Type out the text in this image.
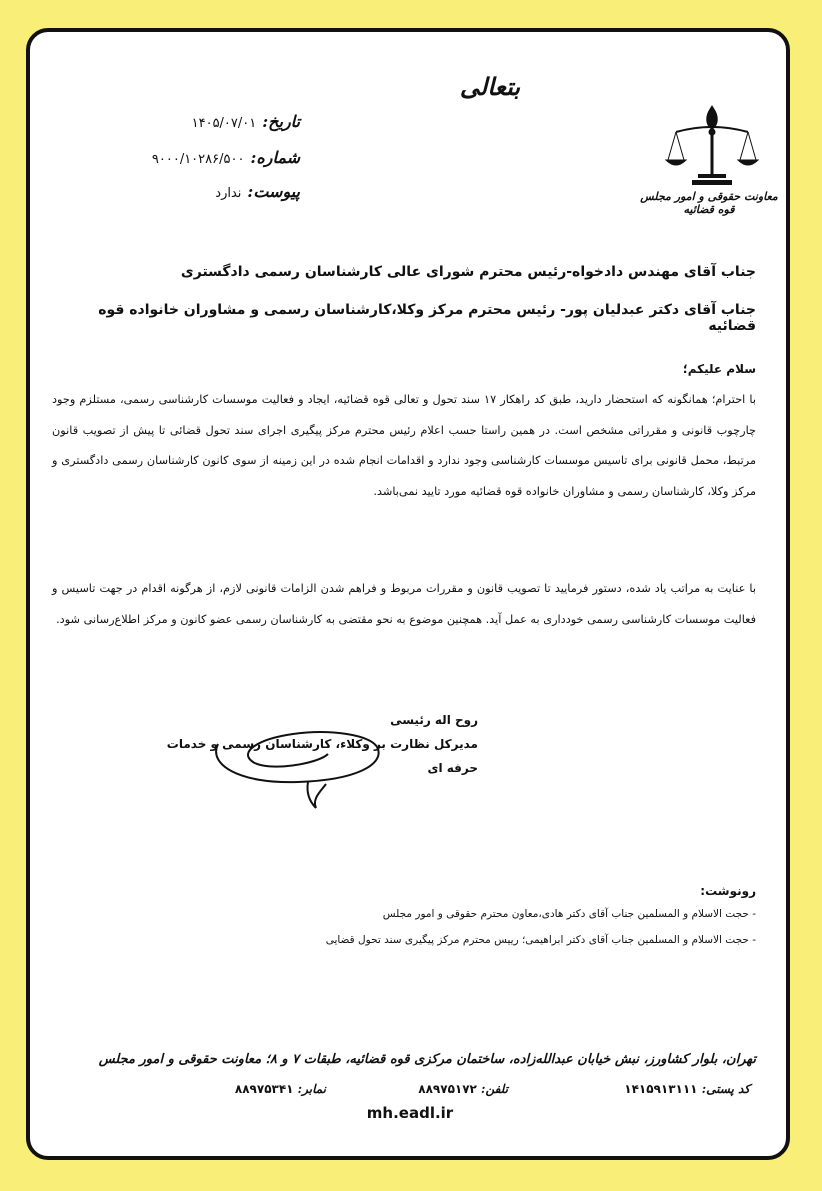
بتعالی
معاونت حقوقی و امور مجلس قوه قضائیه
تاریخ:
۱۴۰۵/۰۷/۰۱
شماره:
۹۰۰۰/۱۰۲۸۶/۵۰۰
پیوست:
ندارد
جناب آقای مهندس دادخواه-رئیس محترم شورای عالی کارشناسان رسمی دادگستری
جناب آقای دکتر عبدلیان پور- رئیس محترم مرکز وکلا،کارشناسان رسمی و مشاوران خانواده قوه قضائیه
سلام علیکم؛
با احترام؛ همانگونه که استحضار دارید، طبق کد راهکار ۱۷ سند تحول و تعالی قوه قضائیه، ایجاد و فعالیت موسسات کارشناسی رسمی، مستلزم وجود چارچوب قانونی و مقرراتی مشخص است. در همین راستا حسب اعلام رئیس محترم مرکز پیگیری اجرای سند تحول قضائی تا پیش از تصویب قانون مرتبط، محمل قانونی برای تاسیس موسسات کارشناسی وجود ندارد و اقدامات انجام شده در این زمینه از سوی کانون کارشناسان رسمی دادگستری و مرکز وکلا، کارشناسان رسمی و مشاوران خانواده قوه قضائیه مورد تایید نمی‌باشد.
با عنایت به مراتب یاد شده، دستور فرمایید تا تصویب قانون و مقررات مربوط و فراهم شدن الزامات قانونی لازم، از هرگونه اقدام در جهت تاسیس و فعالیت موسسات کارشناسی رسمی خودداری به عمل آید. همچنین موضوع به نحو مقتضی به کارشناسان رسمی عضو کانون و مرکز اطلاع‌رسانی شود.
روح اله رئیسی
مدیرکل نظارت بر وکلاء، کارشناسان رسمی و خدمات
حرفه ای
رونوشت:
- حجت الاسلام و المسلمین جناب آقای دکتر هادی،معاون محترم حقوقی و امور مجلس
- حجت الاسلام و المسلمین جناب آقای دکتر ابراهیمی؛ رییس محترم مرکز پیگیری سند تحول قضایی
تهران، بلوار کشاورز، نبش خیابان عبدالله‌زاده، ساختمان مرکزی قوه قضائیه، طبقات ۷ و ۸؛ معاونت حقوقی و امور مجلس
کد پستی: ۱۴۱۵۹۱۳۱۱۱
تلفن: ۸۸۹۷۵۱۷۲
نمابر: ۸۸۹۷۵۳۴۱
mh.eadl.ir
